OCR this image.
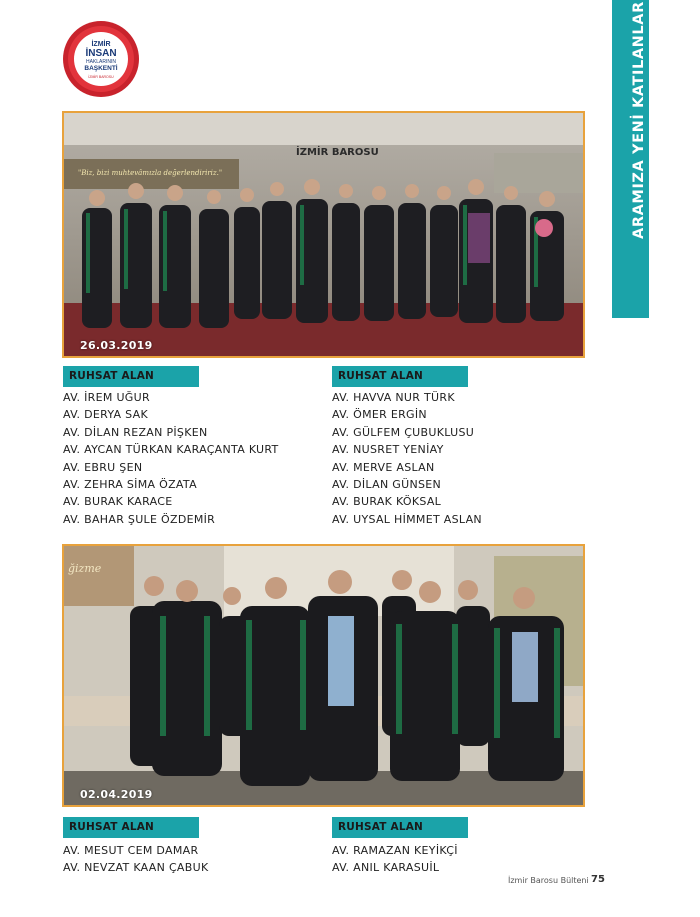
İZMİR
İNSAN
HAKLARININ
BAŞKENTİ
İZMİR BAROSU	ARAMIZA YENİ KATILANLAR
"Biz, bizi muhtevâmızla değerlendiririz."
İZMİR BAROSU
26.03.2019
RUHSAT ALAN
AV. İREM UĞUR
AV. DERYA SAK
AV. DİLAN REZAN PİŞKEN
AV. AYCAN TÜRKAN KARAÇANTA KURT
AV. EBRU ŞEN
AV. ZEHRA SİMA ÖZATA
AV. BURAK KARACE
AV. BAHAR ŞULE ÖZDEMİR
RUHSAT ALAN
AV. HAVVA NUR TÜRK
AV. ÖMER ERGİN
AV. GÜLFEM ÇUBUKLUSU
AV. NUSRET YENİAY
AV. MERVE ASLAN
AV. DİLAN GÜNSEN
AV. BURAK KÖKSAL
AV. UYSAL HİMMET ASLAN
ğizme
02.04.2019
RUHSAT ALAN
AV. MESUT CEM DAMAR
AV. NEVZAT KAAN ÇABUK
RUHSAT ALAN
AV. RAMAZAN KEYİKÇİ
AV. ANIL KARASUİL
İzmir Barosu Bülteni 75
